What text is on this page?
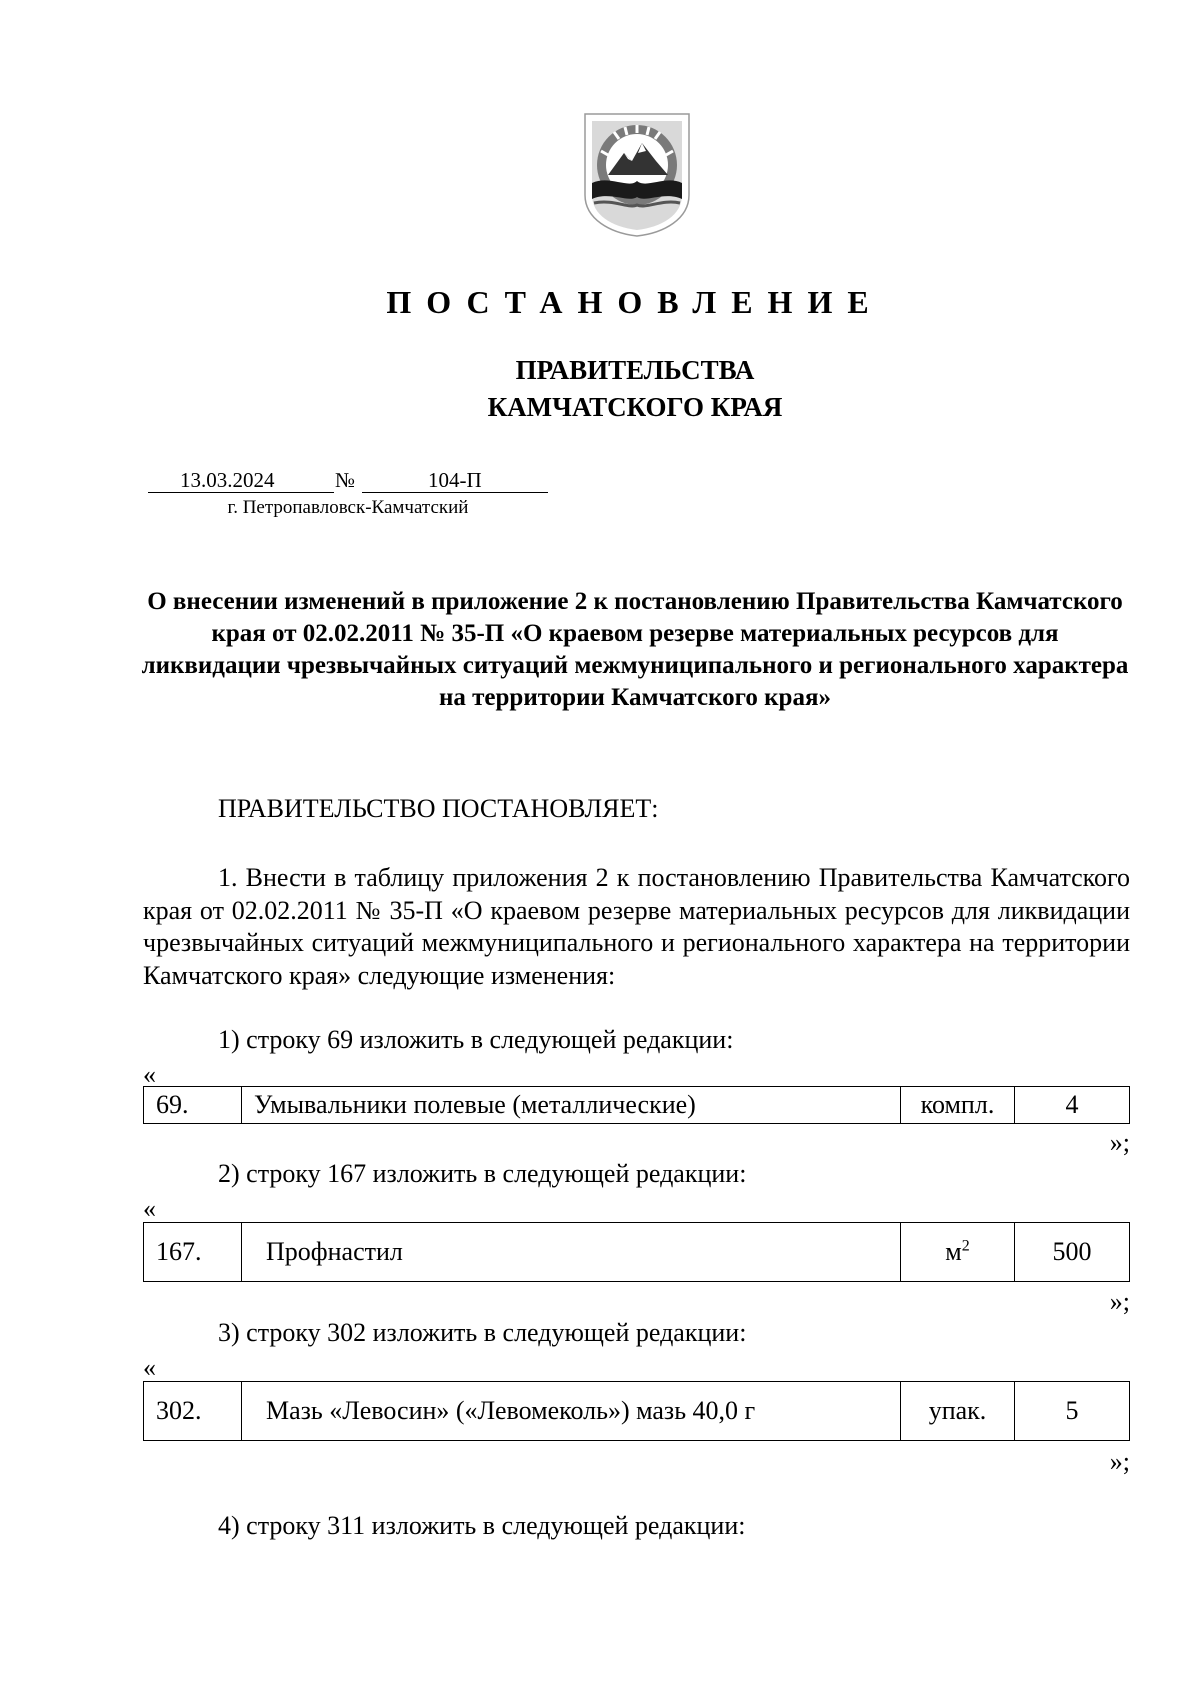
ПОСТАНОВЛЕНИЕ
ПРАВИТЕЛЬСТВА
КАМЧАТСКОГО КРАЯ
13.03.2024	№	104-П
г. Петропавловск-Камчатский
О внесении изменений в приложение 2 к постановлению Правительства Камчатского края от 02.02.2011 № 35-П «О краевом резерве материальных ресурсов для ликвидации чрезвычайных ситуаций межмуниципального и регионального характера на территории Камчатского края»
ПРАВИТЕЛЬСТВО ПОСТАНОВЛЯЕТ:
1. Внести в таблицу приложения 2 к постановлению Правительства Камчатского края от 02.02.2011 № 35-П «О краевом резерве материальных ресурсов для ликвидации чрезвычайных ситуаций межмуниципального и регионального характера на территории Камчатского края» следующие изменения:
1) строку 69 изложить в следующей редакции:
«
69.	Умывальники полевые (металлические)	компл.	4
»;
2) строку 167 изложить в следующей редакции:
«
167.	Профнастил	$м^2$	500
»;
3) строку 302 изложить в следующей редакции:
«
302.	Мазь «Левосин» («Левомеколь») мазь 40,0 г	упак.	5
»;
4) строку 311 изложить в следующей редакции:
